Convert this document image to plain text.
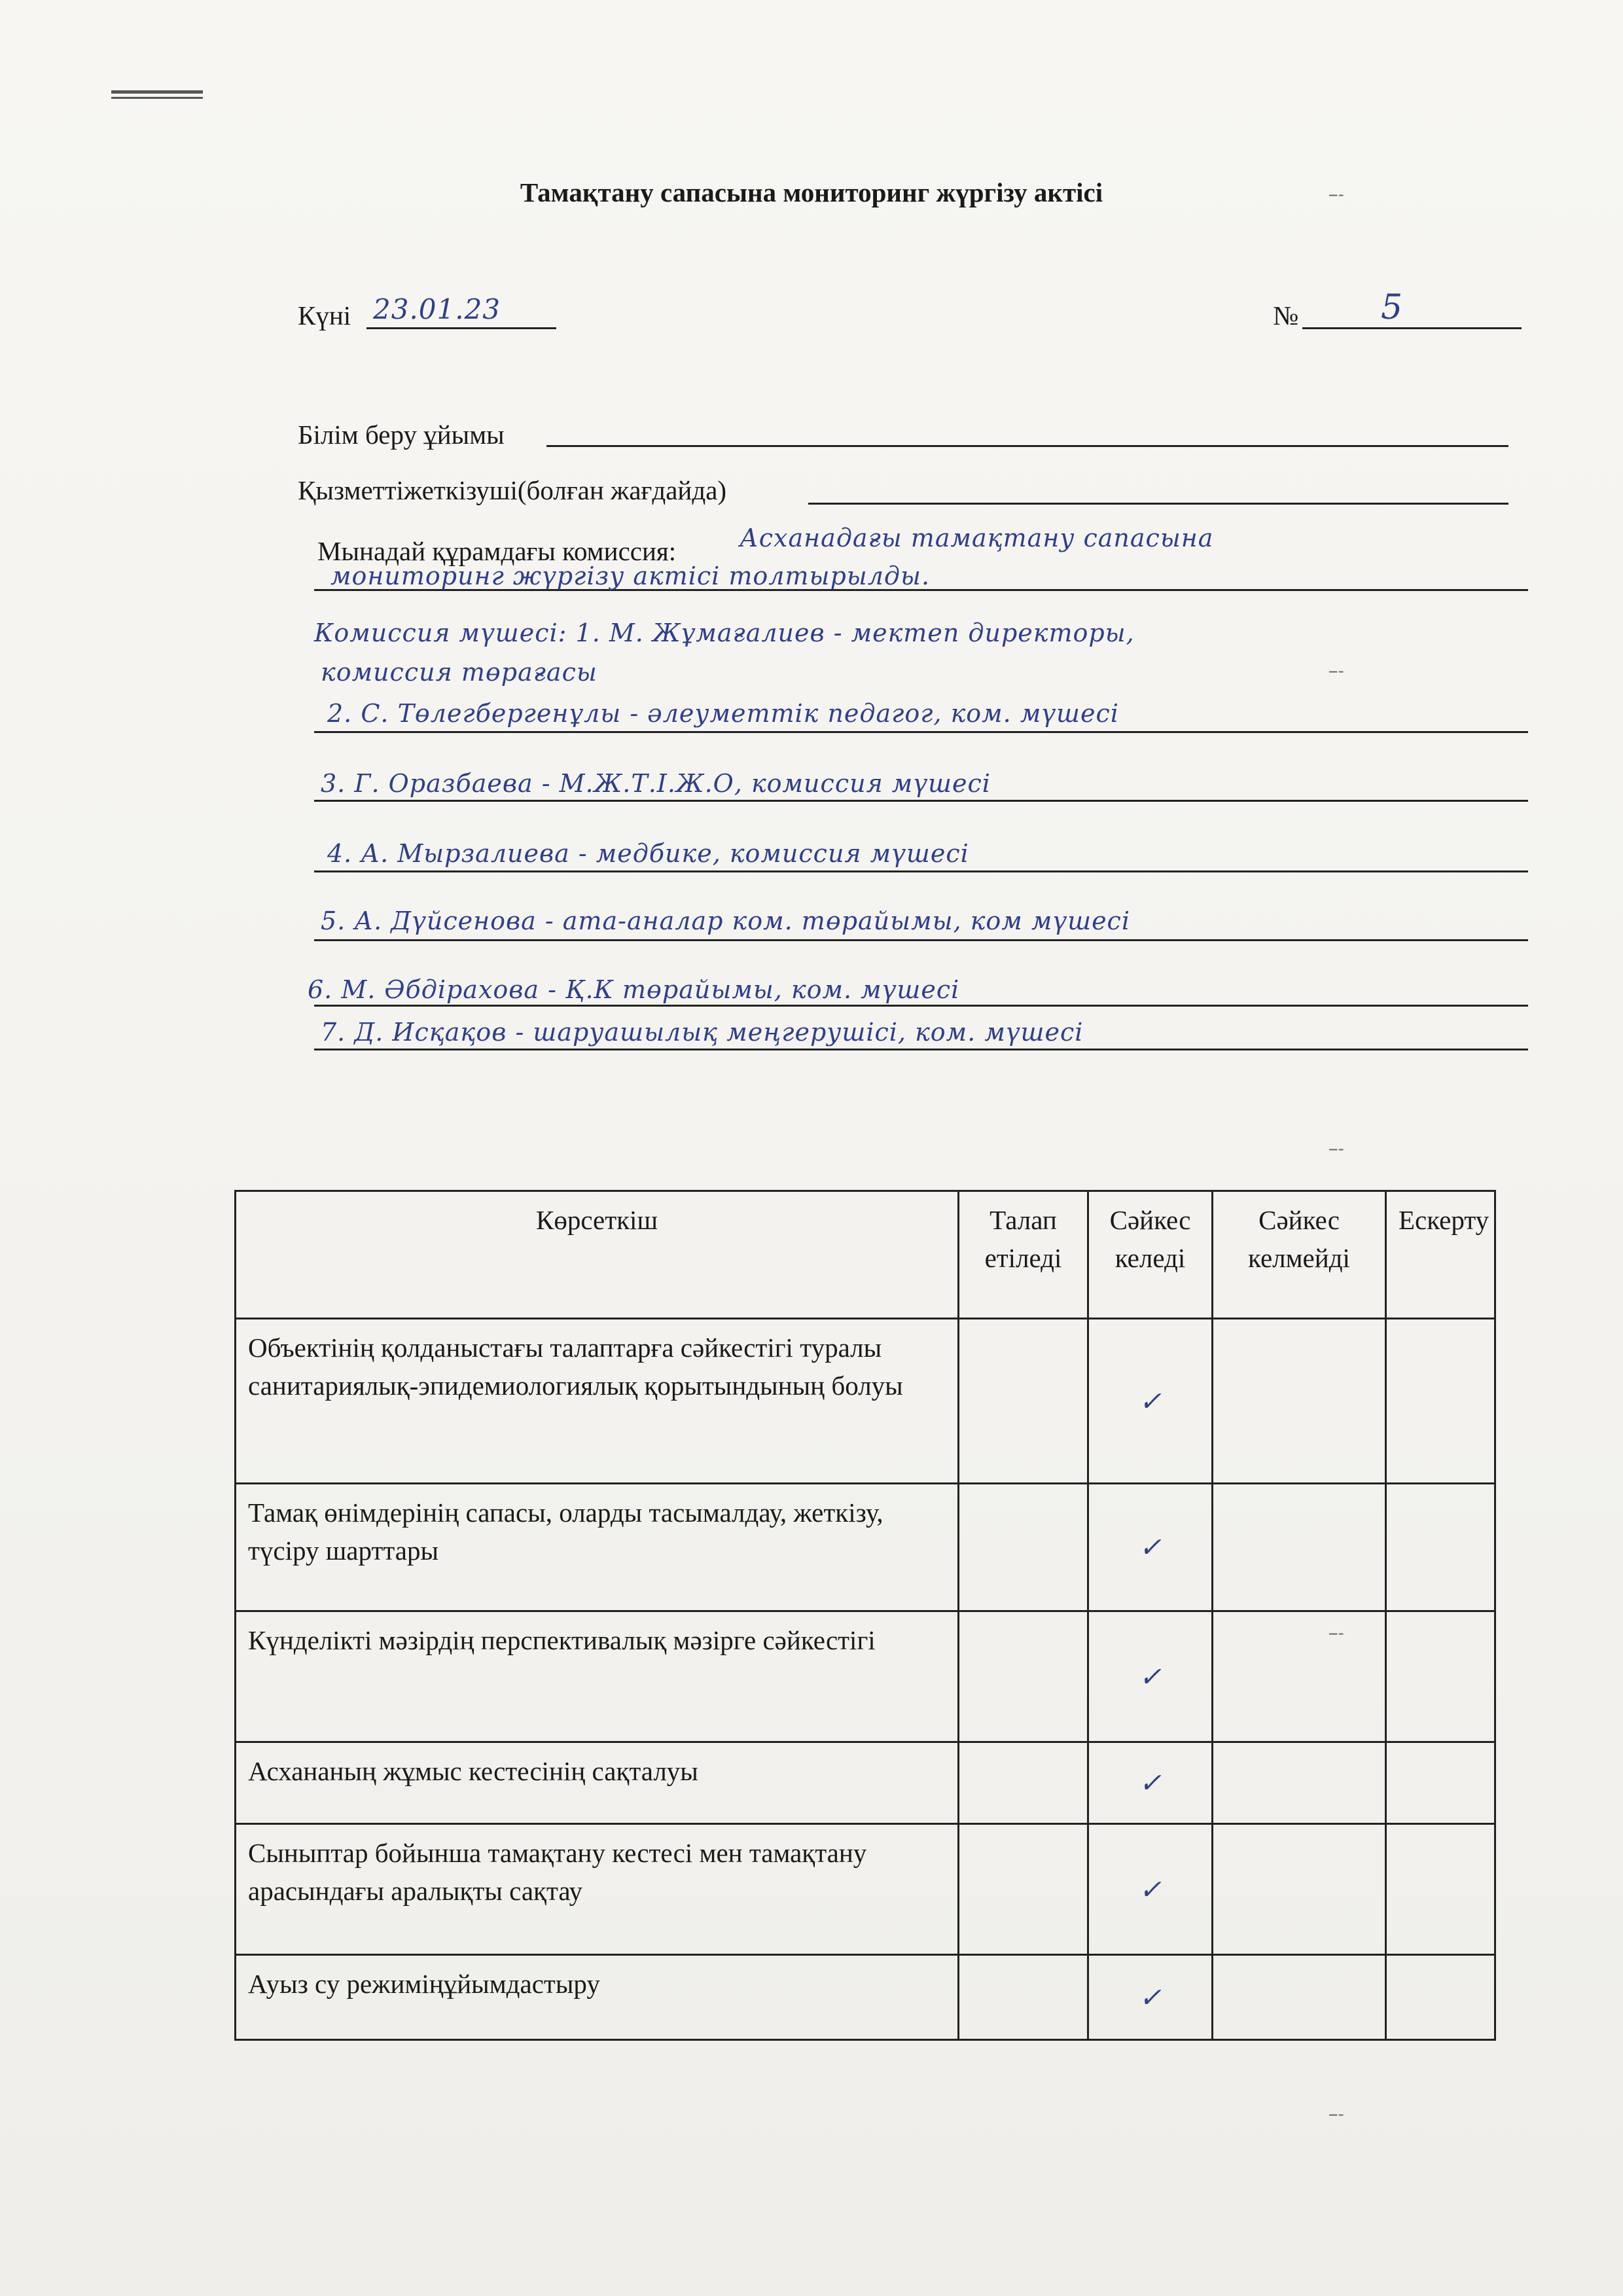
-- -
-- -
-- -
-- -
-- -
Тамақтану сапасына мониторинг жүргізу актісі
Күні 23.01.23	№ 5
Білім беру ұйымы
Қызметтіжеткізуші(болған жағдайда)
Мынадай құрамдағы комиссия:	Асханадағы тамақтану сапасына
мониторинг жүргізу актісі толтырылды.
Комиссия мүшесі: 1. М. Жұмағалиев - мектеп директоры,
комиссия төрағасы
2. С. Төлегбергенұлы - әлеуметтік педагог, ком. мүшесі
3. Г. Оразбаева - М.Ж.Т.І.Ж.О, комиссия мүшесі
4. А. Мырзалиева - медбике, комиссия мүшесі
5. А. Дүйсенова - ата-аналар ком. төрайымы, ком мүшесі
6. М. Әбдірахова - Қ.К төрайымы, ком. мүшесі
7. Д. Исқақов - шаруашылық меңгерушісі, ком. мүшесі
Көрсеткіш	Талап етіледі	Сәйкес келеді	Сәйкес келмейді	Ескерту
Объектінің қолданыстағы талаптарға сәйкестігі туралы санитариялық-эпидемиологиялық қорытындының болуы		✓		
Тамақ өнімдерінің сапасы, оларды тасымалдау, жеткізу, түсіру шарттары		✓		
Күнделікті мәзірдің перспективалық мәзірге сәйкестігі		✓		
Асхананың жұмыс кестесінің сақталуы		✓		
Сыныптар бойынша тамақтану кестесі мен тамақтану арасындағы аралықты сақтау		✓		
Ауыз су режиміңұйымдастыру		✓		
